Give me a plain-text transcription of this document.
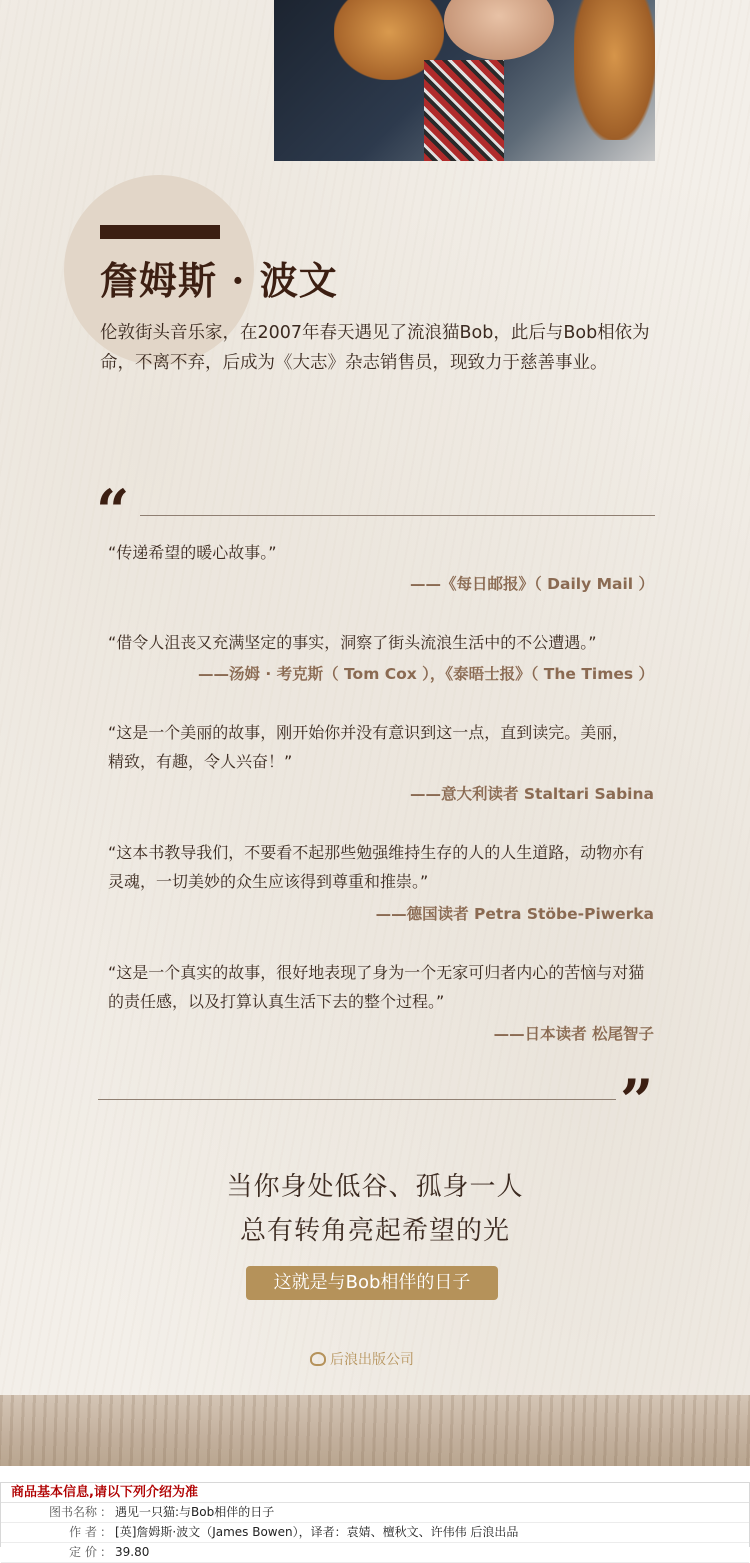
詹姆斯 · 波文
伦敦街头音乐家，在2007年春天遇见了流浪猫Bob，此后与Bob相依为命，不离不弃，后成为《大志》杂志销售员，现致力于慈善事业。
“
“传递希望的暖心故事。”
——《每日邮报》（ Daily Mail ）
“借令人沮丧又充满坚定的事实，洞察了街头流浪生活中的不公遭遇。”
——汤姆 · 考克斯（ Tom Cox ），《泰晤士报》（ The Times ）
“这是一个美丽的故事，刚开始你并没有意识到这一点，直到读完。美丽，精致，有趣，令人兴奋！”
——意大利读者 Staltari Sabina
“这本书教导我们，不要看不起那些勉强维持生存的人的人生道路，动物亦有灵魂，一切美妙的众生应该得到尊重和推崇。”
——德国读者 Petra Stöbe-Piwerka
“这是一个真实的故事，很好地表现了身为一个无家可归者内心的苦恼与对猫的责任感，以及打算认真生活下去的整个过程。”
——日本读者 松尾智子
”
当你身处低谷、孤身一人
总有转角亮起希望的光
这就是与Bob相伴的日子
后浪出版公司
商品基本信息,请以下列介绍为准
图书名称 ： 遇见一只猫:与Bob相伴的日子
作 者 ： [英]詹姆斯·波文（James Bowen），译者：袁婧、檀秋文、许伟伟 后浪出品
定 价 ： 39.80
